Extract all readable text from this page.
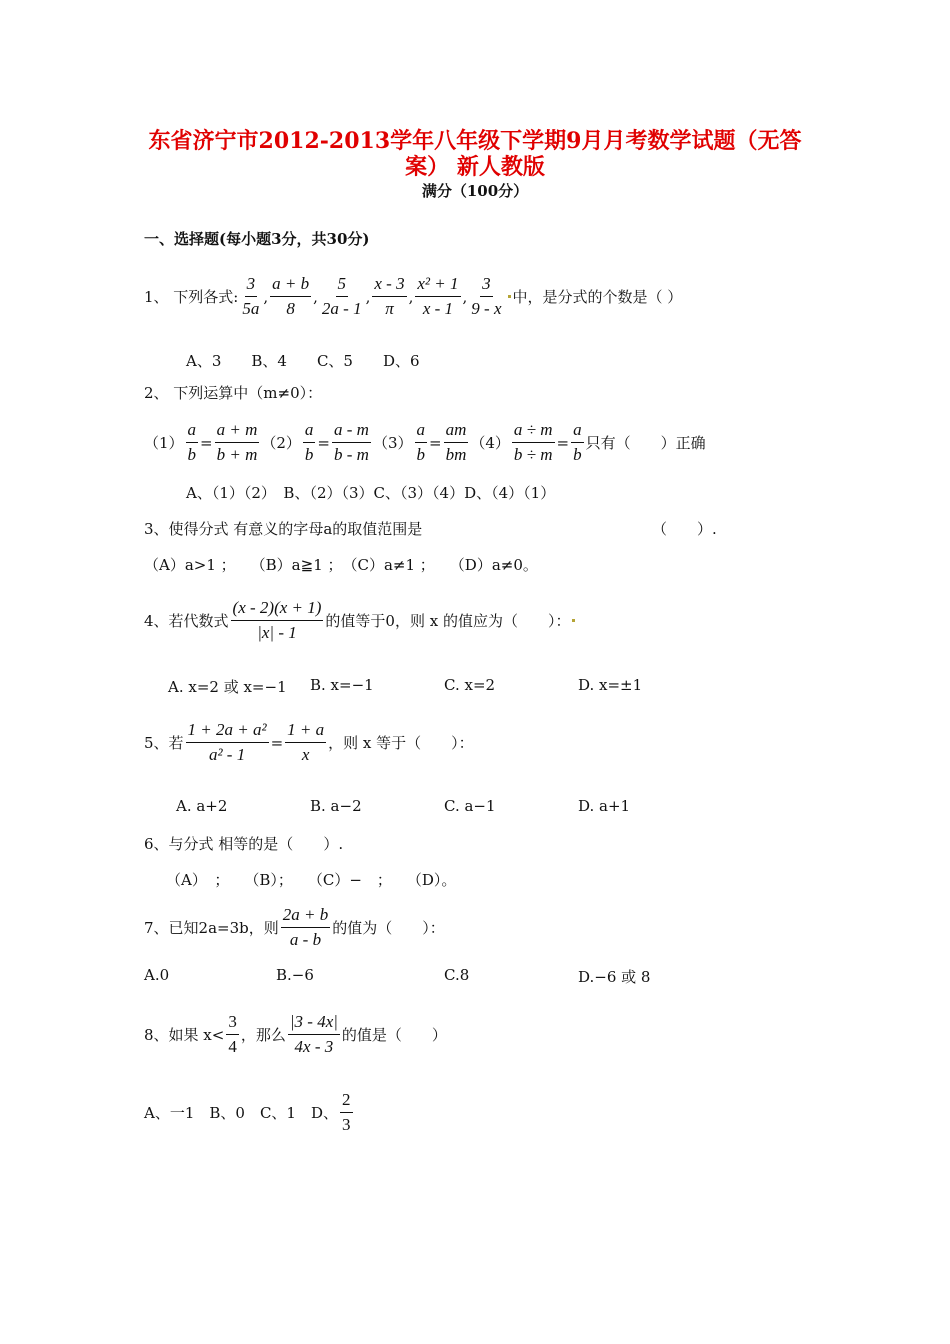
东省济宁市2012-2013学年八年级下学期9月月考数学试题（无答
案） 新人教版
满分（100分）
一、选择题(每小题3分，共30分)
1、 下列各式: $\frac{3}{5a}$ , $\frac{a + b}{8}$ , $\frac{5}{2a - 1}$ , $\frac{x - 3}{\pi}$ , $\frac{\text{x² + 1}}{x - 1}$ , $\frac{3}{9 - x}$ 中，是分式的个数是（ ）
A、3　　B、4　　C、5　　D、6
2、 下列运算中（m≠0）：
$(1) \frac{a}{b} = \frac{a + m}{b + m} (2) \frac{a}{b} = \frac{a - m}{b - m} (3) \frac{a}{b} = \frac{am}{bm} (4) \frac{a \div m}{b \div m} = \frac{a}{b}$ 只有（　　）正确
A、（1）（2）　B、（2）（3）C、（3）（4）D、（4）（1）
3、使得分式 有意义的字母a的取值范围是	（　　）.
（A）a>1 ；　　（B）a≧1 ；　（C）a≠1 ；　　（D）a≠0。
4、若代数式 $\frac{(x - 2)(x + 1)}{|x| - 1}$ 的值等于0，则 x 的值应为（　　）：
A. x=2 或 x=−1 B. x=−1	C. x=2	D. x=±1
5、若 $\frac{\text{1 + 2a + a²}}{\text{a² - 1}} = \frac{1 + a}{x}$ ，则 x 等于（　　）：
A. a+2	B. a−2	C. a−1	D. a+1
6、与分式 相等的是（　　）.
（A）　；　　（B）；　　（C）−　；　　（D）。
7、已知2a=3b，则 $\frac{2a + b}{a - b}$ 的值为（　　）：
A.0	B.−6	C.8	D.−6 或 8
8、如果 $x< \frac{3}{4}$ ，那么 $\frac{|3 - 4x|}{4x - 3}$ 的值是（　　）
A、一1　B、0　C、1　D、 $\frac{2}{3}$
